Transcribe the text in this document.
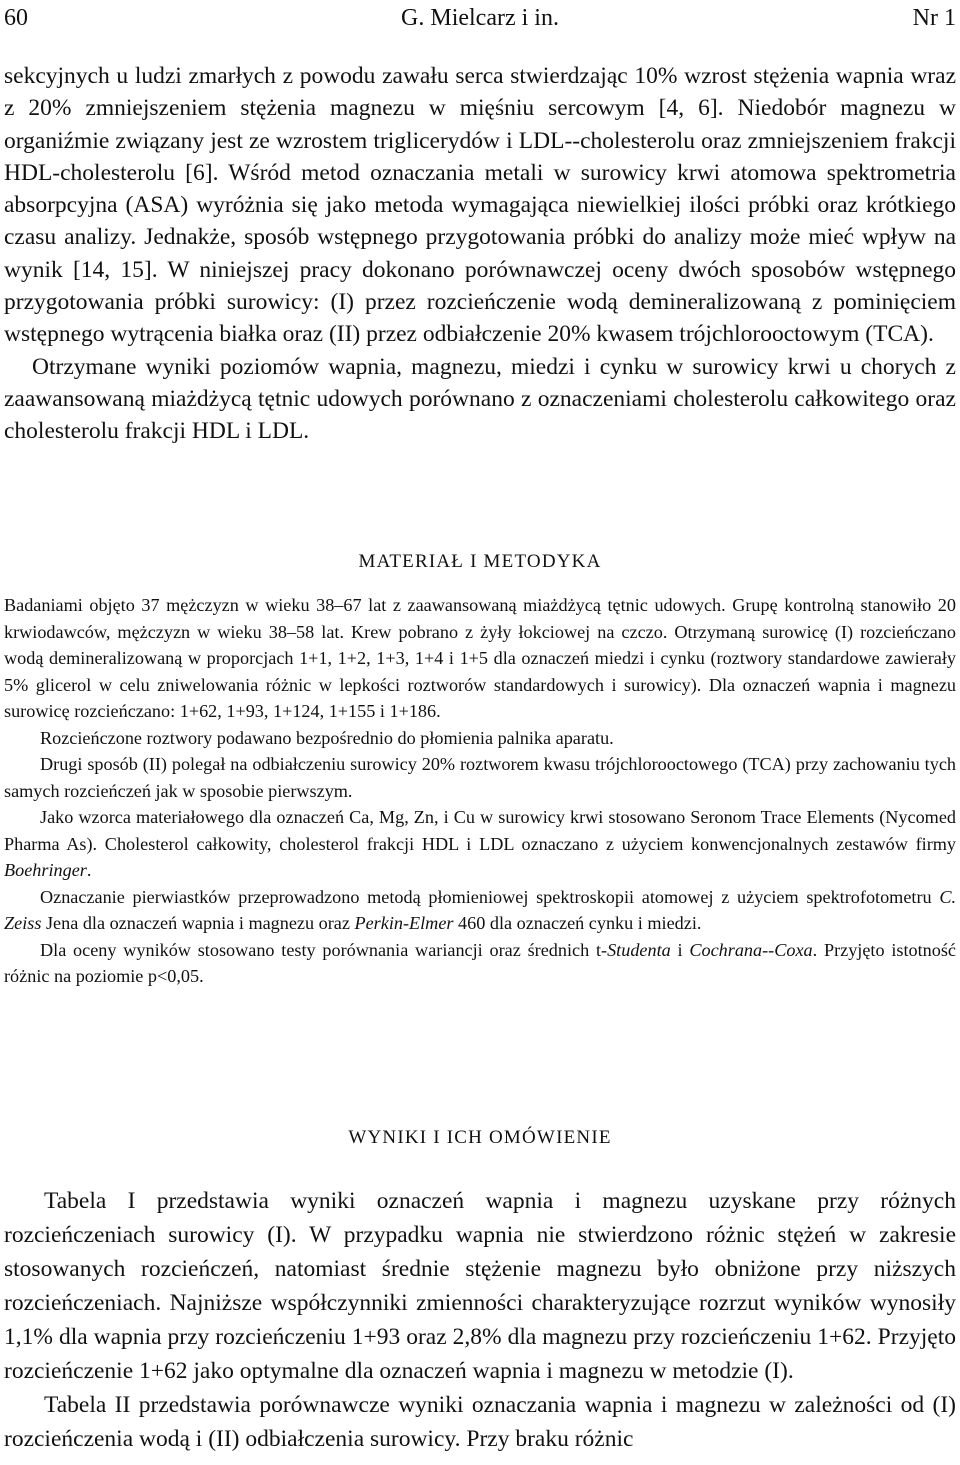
60	G. Mielcarz i in.	Nr 1

sekcyjnych u ludzi zmarłych z powodu zawału serca stwierdzając 10% wzrost stężenia wapnia wraz z 20% zmniejszeniem stężenia magnezu w mięśniu sercowym [4, 6]. Niedobór magnezu w organiźmie związany jest ze wzrostem triglicerydów i LDL--cholesterolu oraz zmniejszeniem frakcji HDL-cholesterolu [6]. Wśród metod oznaczania metali w surowicy krwi atomowa spektrometria absorpcyjna (ASA) wyróżnia się jako metoda wymagająca niewielkiej ilości próbki oraz krótkiego czasu analizy. Jednakże, sposób wstępnego przygotowania próbki do analizy może mieć wpływ na wynik [14, 15]. W niniejszej pracy dokonano porównawczej oceny dwóch sposobów wstępnego przygotowania próbki surowicy: (I) przez rozcieńczenie wodą demineralizowaną z pominięciem wstępnego wytrącenia białka oraz (II) przez odbiałczenie 20% kwasem trójchlorooctowym (TCA).

Otrzymane wyniki poziomów wapnia, magnezu, miedzi i cynku w surowicy krwi u chorych z zaawansowaną miażdżycą tętnic udowych porównano z oznaczeniami cholesterolu całkowitego oraz cholesterolu frakcji HDL i LDL.

MATERIAŁ I METODYKA

Badaniami objęto 37 mężczyzn w wieku 38–67 lat z zaawansowaną miażdżycą tętnic udowych. Grupę kontrolną stanowiło 20 krwiodawców, mężczyzn w wieku 38–58 lat. Krew pobrano z żyły łokciowej na czczo. Otrzymaną surowicę (I) rozcieńczano wodą demineralizowaną w proporcjach 1+1, 1+2, 1+3, 1+4 i 1+5 dla oznaczeń miedzi i cynku (roztwory standardowe zawierały 5% glicerol w celu zniwelowania różnic w lepkości roztworów standardowych i surowicy). Dla oznaczeń wapnia i magnezu surowicę rozcieńczano: 1+62, 1+93, 1+124, 1+155 i 1+186.

Rozcieńczone roztwory podawano bezpośrednio do płomienia palnika aparatu.

Drugi sposób (II) polegał na odbiałczeniu surowicy 20% roztworem kwasu trójchlorooctowego (TCA) przy zachowaniu tych samych rozcieńczeń jak w sposobie pierwszym.

Jako wzorca materiałowego dla oznaczeń Ca, Mg, Zn, i Cu w surowicy krwi stosowano Seronom Trace Elements (Nycomed Pharma As). Cholesterol całkowity, cholesterol frakcji HDL i LDL oznaczano z użyciem konwencjonalnych zestawów firmy Boehringer.

Oznaczanie pierwiastków przeprowadzono metodą płomieniowej spektroskopii atomowej z użyciem spektrofotometru C. Zeiss Jena dla oznaczeń wapnia i magnezu oraz Perkin-Elmer 460 dla oznaczeń cynku i miedzi.

Dla oceny wyników stosowano testy porównania wariancji oraz średnich t-Studenta i Cochrana--Coxa. Przyjęto istotność różnic na poziomie p<0,05.

WYNIKI I ICH OMÓWIENIE

Tabela I przedstawia wyniki oznaczeń wapnia i magnezu uzyskane przy różnych rozcieńczeniach surowicy (I). W przypadku wapnia nie stwierdzono różnic stężeń w zakresie stosowanych rozcieńczeń, natomiast średnie stężenie magnezu było obniżone przy niższych rozcieńczeniach. Najniższe współczynniki zmienności charakteryzujące rozrzut wyników wynosiły 1,1% dla wapnia przy rozcieńczeniu 1+93 oraz 2,8% dla magnezu przy rozcieńczeniu 1+62. Przyjęto rozcieńczenie 1+62 jako optymalne dla oznaczeń wapnia i magnezu w metodzie (I).

Tabela II przedstawia porównawcze wyniki oznaczania wapnia i magnezu w zależności od (I) rozcieńczenia wodą i (II) odbiałczenia surowicy. Przy braku różnic
